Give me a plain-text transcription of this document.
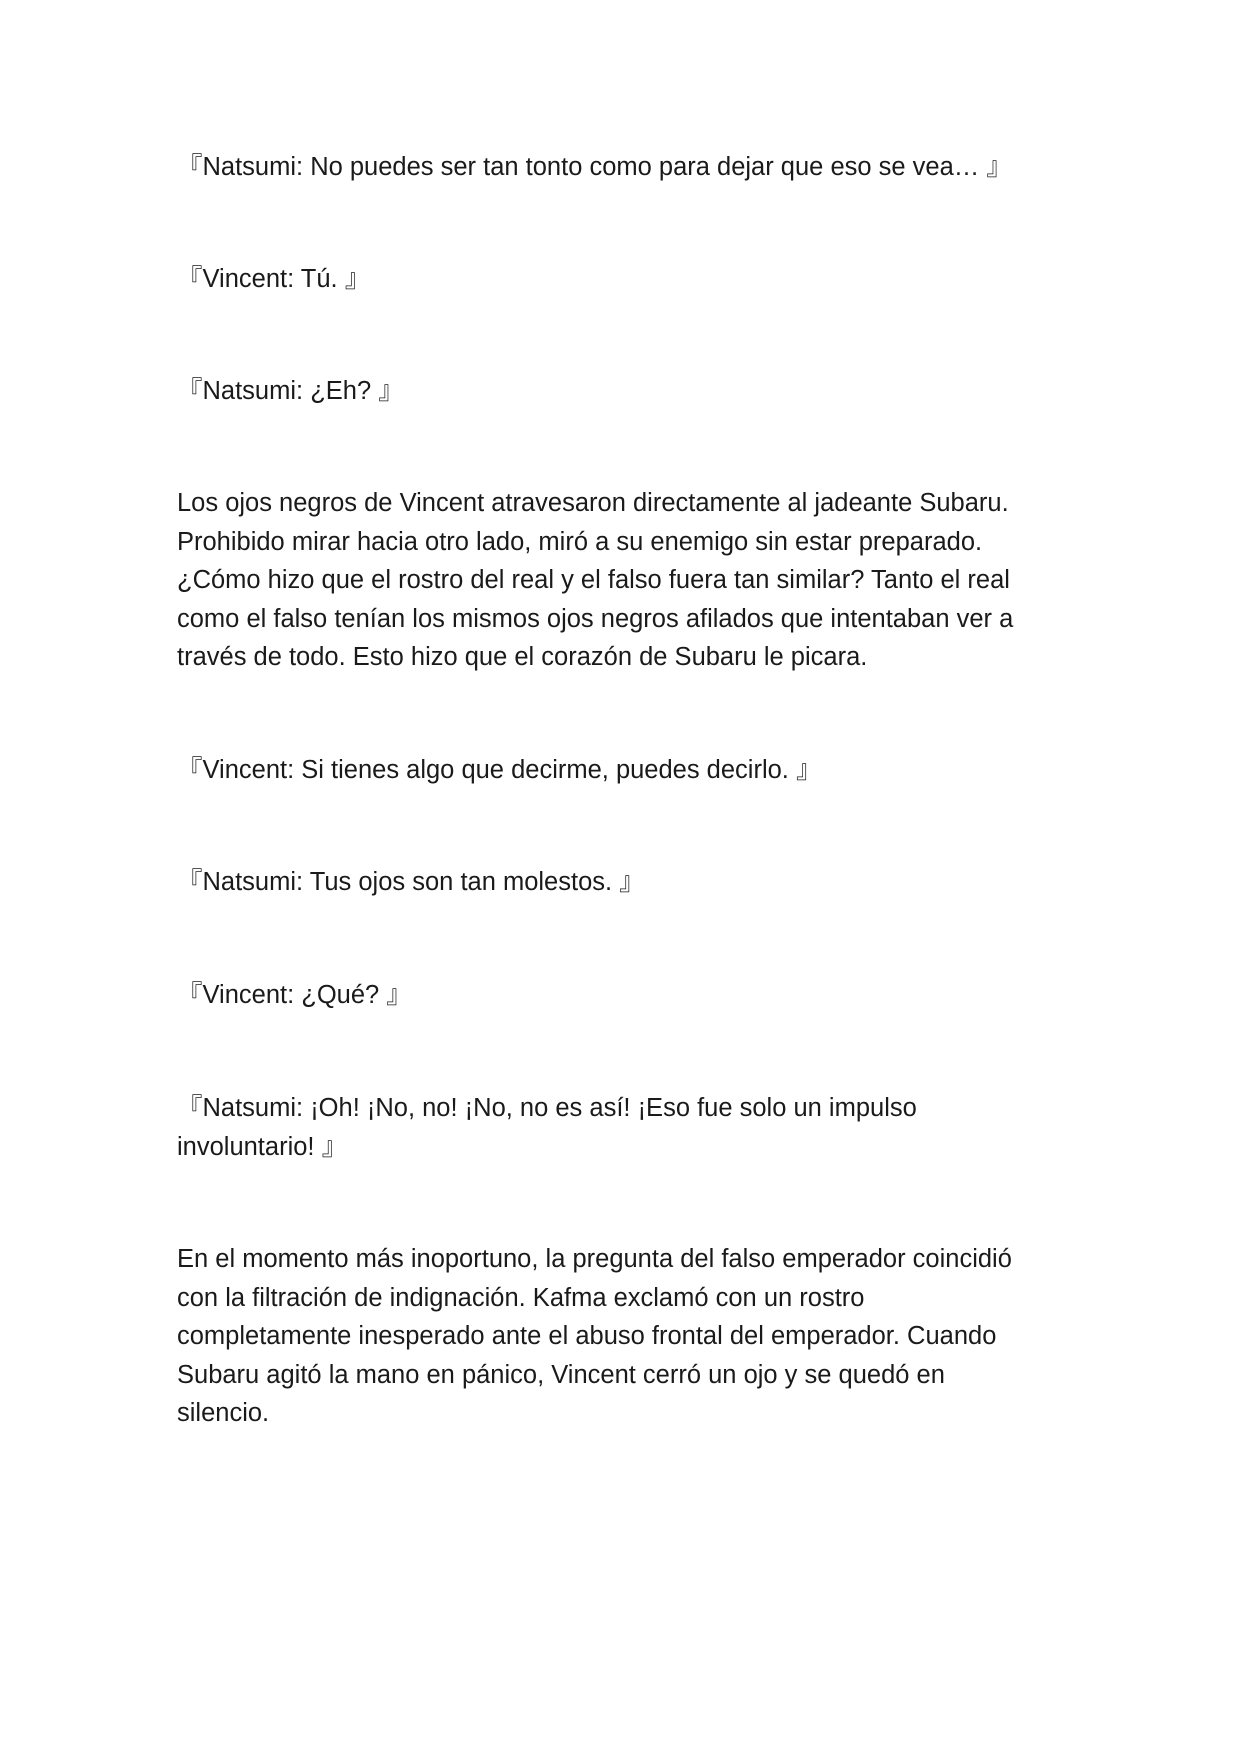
『Natsumi: No puedes ser tan tonto como para dejar que eso se vea… 』

『Vincent: Tú. 』

『Natsumi: ¿Eh? 』

Los ojos negros de Vincent atravesaron directamente al jadeante Subaru.
Prohibido mirar hacia otro lado, miró a su enemigo sin estar preparado.
¿Cómo hizo que el rostro del real y el falso fuera tan similar? Tanto el real
como el falso tenían los mismos ojos negros afilados que intentaban ver a
través de todo. Esto hizo que el corazón de Subaru le picara.

『Vincent: Si tienes algo que decirme, puedes decirlo. 』

『Natsumi: Tus ojos son tan molestos. 』

『Vincent: ¿Qué? 』

『Natsumi: ¡Oh! ¡No, no! ¡No, no es así! ¡Eso fue solo un impulso
involuntario! 』

En el momento más inoportuno, la pregunta del falso emperador coincidió
con la filtración de indignación. Kafma exclamó con un rostro
completamente inesperado ante el abuso frontal del emperador. Cuando
Subaru agitó la mano en pánico, Vincent cerró un ojo y se quedó en
silencio.
